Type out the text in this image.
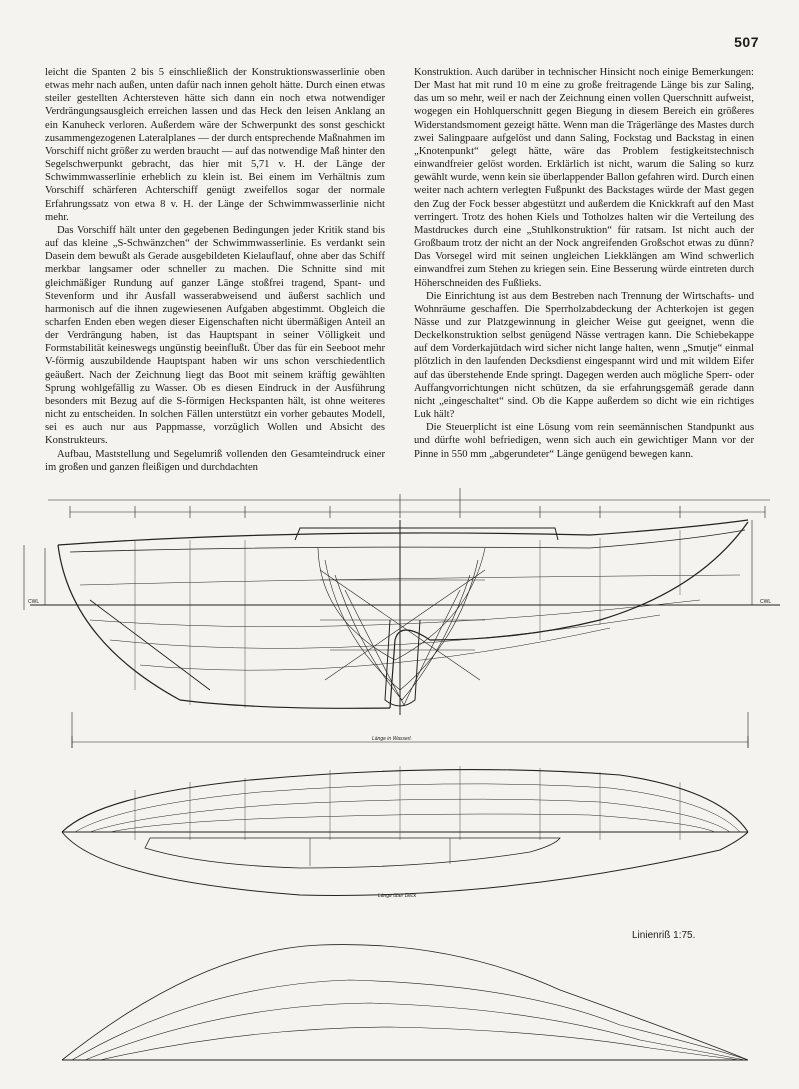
507

leicht die Spanten 2 bis 5 einschließlich der Konstruktionswasserlinie oben etwas mehr nach außen, unten dafür nach innen geholt hätte. Durch einen etwas steiler gestellten Achtersteven hätte sich dann ein noch etwa notwendiger Verdrängungsausgleich erreichen lassen und das Heck den leisen Anklang an ein Kanuheck verloren. Außerdem wäre der Schwerpunkt des sonst geschickt zusammengezogenen Lateralplanes — der durch entsprechende Maßnahmen im Vorschiff nicht größer zu werden braucht — auf das notwendige Maß hinter den Segelschwerpunkt gebracht, das hier mit 5,71 v. H. der Länge der Schwimmwasserlinie erheblich zu klein ist. Bei einem im Verhältnis zum Vorschiff schärferen Achterschiff genügt zweifellos sogar der normale Erfahrungssatz von etwa 8 v. H. der Länge der Schwimmwasserlinie nicht mehr.

Das Vorschiff hält unter den gegebenen Bedingungen jeder Kritik stand bis auf das kleine „S-Schwänzchen“ der Schwimmwasserlinie. Es verdankt sein Dasein dem bewußt als Gerade ausgebildeten Kielauflauf, ohne aber das Schiff merkbar langsamer oder schneller zu machen. Die Schnitte sind mit gleichmäßiger Rundung auf ganzer Länge stoßfrei tragend, Spant- und Stevenform und ihr Ausfall wasserabweisend und äußerst sachlich und harmonisch auf die ihnen zugewiesenen Aufgaben abgestimmt. Obgleich die scharfen Enden eben wegen dieser Eigenschaften nicht übermäßigen Anteil an der Verdrängung haben, ist das Hauptspant in seiner Völligkeit und Formstabilität keineswegs ungünstig beeinflußt. Über das für ein Seeboot mehr V-förmig auszubildende Hauptspant haben wir uns schon verschiedentlich geäußert. Nach der Zeichnung liegt das Boot mit seinem kräftig gewählten Sprung wohlgefällig zu Wasser. Ob es diesen Eindruck in der Ausführung besonders mit Bezug auf die S-förmigen Heckspanten hält, ist ohne weiteres nicht zu entscheiden. In solchen Fällen unterstützt ein vorher gebautes Modell, sei es auch nur aus Pappmasse, vorzüglich Wollen und Absicht des Konstrukteurs.

Aufbau, Maststellung und Segelumriß vollenden den Gesamteindruck einer im großen und ganzen fleißigen und durchdachten

Konstruktion. Auch darüber in technischer Hinsicht noch einige Bemerkungen: Der Mast hat mit rund 10 m eine zu große freitragende Länge bis zur Saling, das um so mehr, weil er nach der Zeichnung einen vollen Querschnitt aufweist, wogegen ein Hohlquerschnitt gegen Biegung in diesem Bereich ein größeres Widerstandsmoment gezeigt hätte. Wenn man die Trägerlänge des Mastes durch zwei Salingpaare aufgelöst und dann Saling, Fockstag und Backstag in einen „Knotenpunkt“ gelegt hätte, wäre das Problem festigkeitstechnisch einwandfreier gelöst worden. Erklärlich ist nicht, warum die Saling so kurz gewählt wurde, wenn kein sie überlappender Ballon gefahren wird. Durch einen weiter nach achtern verlegten Fußpunkt des Backstages würde der Mast gegen den Zug der Fock besser abgestützt und außerdem die Knickkraft auf den Mast verringert. Trotz des hohen Kiels und Totholzes halten wir die Verteilung des Mastdruckes durch eine „Stuhlkonstruktion“ für ratsam. Ist nicht auch der Großbaum trotz der nicht an der Nock angreifenden Großschot etwas zu dünn? Das Vorsegel wird mit seinen ungleichen Liekklängen am Wind schwerlich einwandfrei zum Stehen zu kriegen sein. Eine Besserung würde eintreten durch Höherschneiden des Fußlieks.

Die Einrichtung ist aus dem Bestreben nach Trennung der Wirtschafts- und Wohnräume geschaffen. Die Sperrholzabdeckung der Achterkojen ist gegen Nässe und zur Platzgewinnung in gleicher Weise gut geeignet, wenn die Deckelkonstruktion selbst genügend Nässe vertragen kann. Die Schiebekappe auf dem Vorderkajütdach wird sicher nicht lange halten, wenn „Smutje“ einmal plötzlich in den laufenden Decksdienst eingespannt wird und mit wildem Eifer auf das überstehende Ende springt. Dagegen werden auch mögliche Sperr- oder Auffangvorrichtungen nicht schützen, da sie erfahrungsgemäß gerade dann nicht „eingeschaltet“ sind. Ob die Kappe außerdem so dicht wie ein richtiges Luk hält?

Die Steuerplicht ist eine Lösung vom rein seemännischen Standpunkt aus und dürfte wohl befriedigen, wenn sich auch ein gewichtiger Mann vor der Pinne in 550 mm „abgerundeter“ Länge genügend bewegen kann.

CWL	CWL
Länge in Wasserl.
Länge über Deck
Linienriß 1:75.
